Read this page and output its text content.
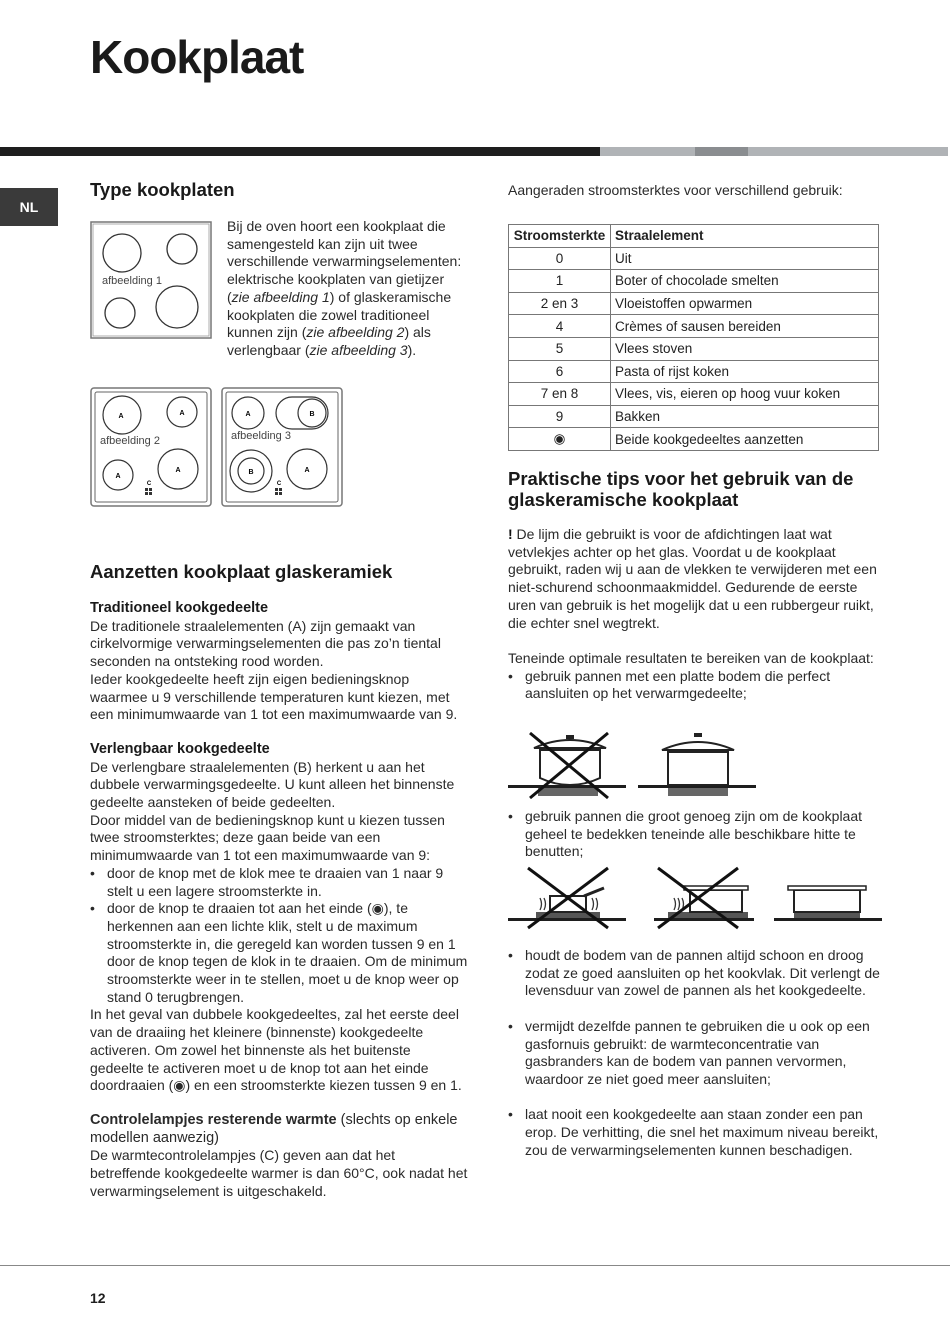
Kookplaat
NL
Type kookplaten
afbeelding 1

Bij de oven hoort een kookplaat die samengesteld kan zijn uit twee verschillende verwarmingselementen: elektrische kookplaten van gietijzer (zie afbeelding 1) of glaskeramische kookplaten die zowel traditioneel kunnen zijn (zie afbeelding 2) als verlengbaar (zie afbeelding 3).

A	A
A
A
C
afbeelding 2
A	B
B	A
C
afbeelding 3
Aanzetten kookplaat glaskeramiek
Traditioneel kookgedeelte

De traditionele straalelementen (A) zijn gemaakt van cirkelvormige verwarmingselementen die pas zo’n tiental seconden na ontsteking rood worden.

Ieder kookgedeelte heeft zijn eigen bedieningsknop waarmee u 9 verschillende temperaturen kunt kiezen, met een minimumwaarde van 1 tot een maximumwaarde van 9.

Verlengbaar kookgedeelte

De verlengbare straalelementen (B) herkent u aan het dubbele verwarmingsgedeelte. U kunt alleen het binnenste gedeelte aansteken of beide gedeelten.

Door middel van de bedieningsknop kunt u kiezen tussen twee stroomsterktes; deze gaan beide van een minimumwaarde van 1 tot een maximumwaarde van 9:

• door de knop met de klok mee te draaien van 1 naar 9 stelt u een lagere stroomsterkte in.
• door de knop te draaien tot aan het einde (◉), te herkennen aan een lichte klik, stelt u de maximum stroomsterkte in, die geregeld kan worden tussen 9 en 1 door de knop tegen de klok in te draaien. Om de minimum stroomsterkte weer in te stellen, moet u de knop weer op stand 0 terugbrengen.

In het geval van dubbele kookgedeeltes, zal het eerste deel van de draaiing het kleinere (binnenste) kookgedeelte activeren. Om zowel het binnenste als het buitenste gedeelte te activeren moet u de knop tot aan het einde doordraaien (◉) en een stroomsterkte kiezen tussen 9 en 1.

Controlelampjes resterende warmte (slechts op enkele modellen aanwezig)

De warmtecontrolelampjes (C) geven aan dat het betreffende kookgedeelte warmer is dan 60°C, ook nadat het verwarmingselement is uitgeschakeld.

Aangeraden stroomsterktes voor verschillend gebruik:
Stroomsterkte	Straalelement
0	Uit
1	Boter of chocolade smelten
2 en 3	Vloeistoffen opwarmen
4	Crèmes of sausen bereiden
5	Vlees stoven
6	Pasta of rijst koken
7 en 8	Vlees, vis, eieren op hoog vuur koken
9	Bakken
◉	Beide kookgedeeltes aanzetten
Praktische tips voor het gebruik van de glaskeramische kookplaat

! De lijm die gebruikt is voor de afdichtingen laat wat vetvlekjes achter op het glas. Voordat u de kookplaat gebruikt, raden wij u aan de vlekken te verwijderen met een niet-schurend schoonmaakmiddel. Gedurende de eerste uren van gebruik is het mogelijk dat u een rubbergeur ruikt, die echter snel wegtrekt.

Teneinde optimale resultaten te bereiken van de kookplaat:

• gebruik pannen met een platte bodem die perfect aansluiten op het verwarmgedeelte;
• gebruik pannen die groot genoeg zijn om de kookplaat geheel te bedekken teneinde alle beschikbare hitte te benutten;
• houdt de bodem van de pannen altijd schoon en droog zodat ze goed aansluiten op het kookvlak. Dit verlengt de levensduur van zowel de pannen als het kookgedeelte.
• vermijdt dezelfde pannen te gebruiken die u ook op een gasfornuis gebruikt: de warmteconcentratie van gasbranders kan de bodem van pannen vervormen, waardoor ze niet goed meer aansluiten;
• laat nooit een kookgedeelte aan staan zonder een pan erop. De verhitting, die snel het maximum niveau bereikt, zou de verwarmingselementen kunnen beschadigen.
12
